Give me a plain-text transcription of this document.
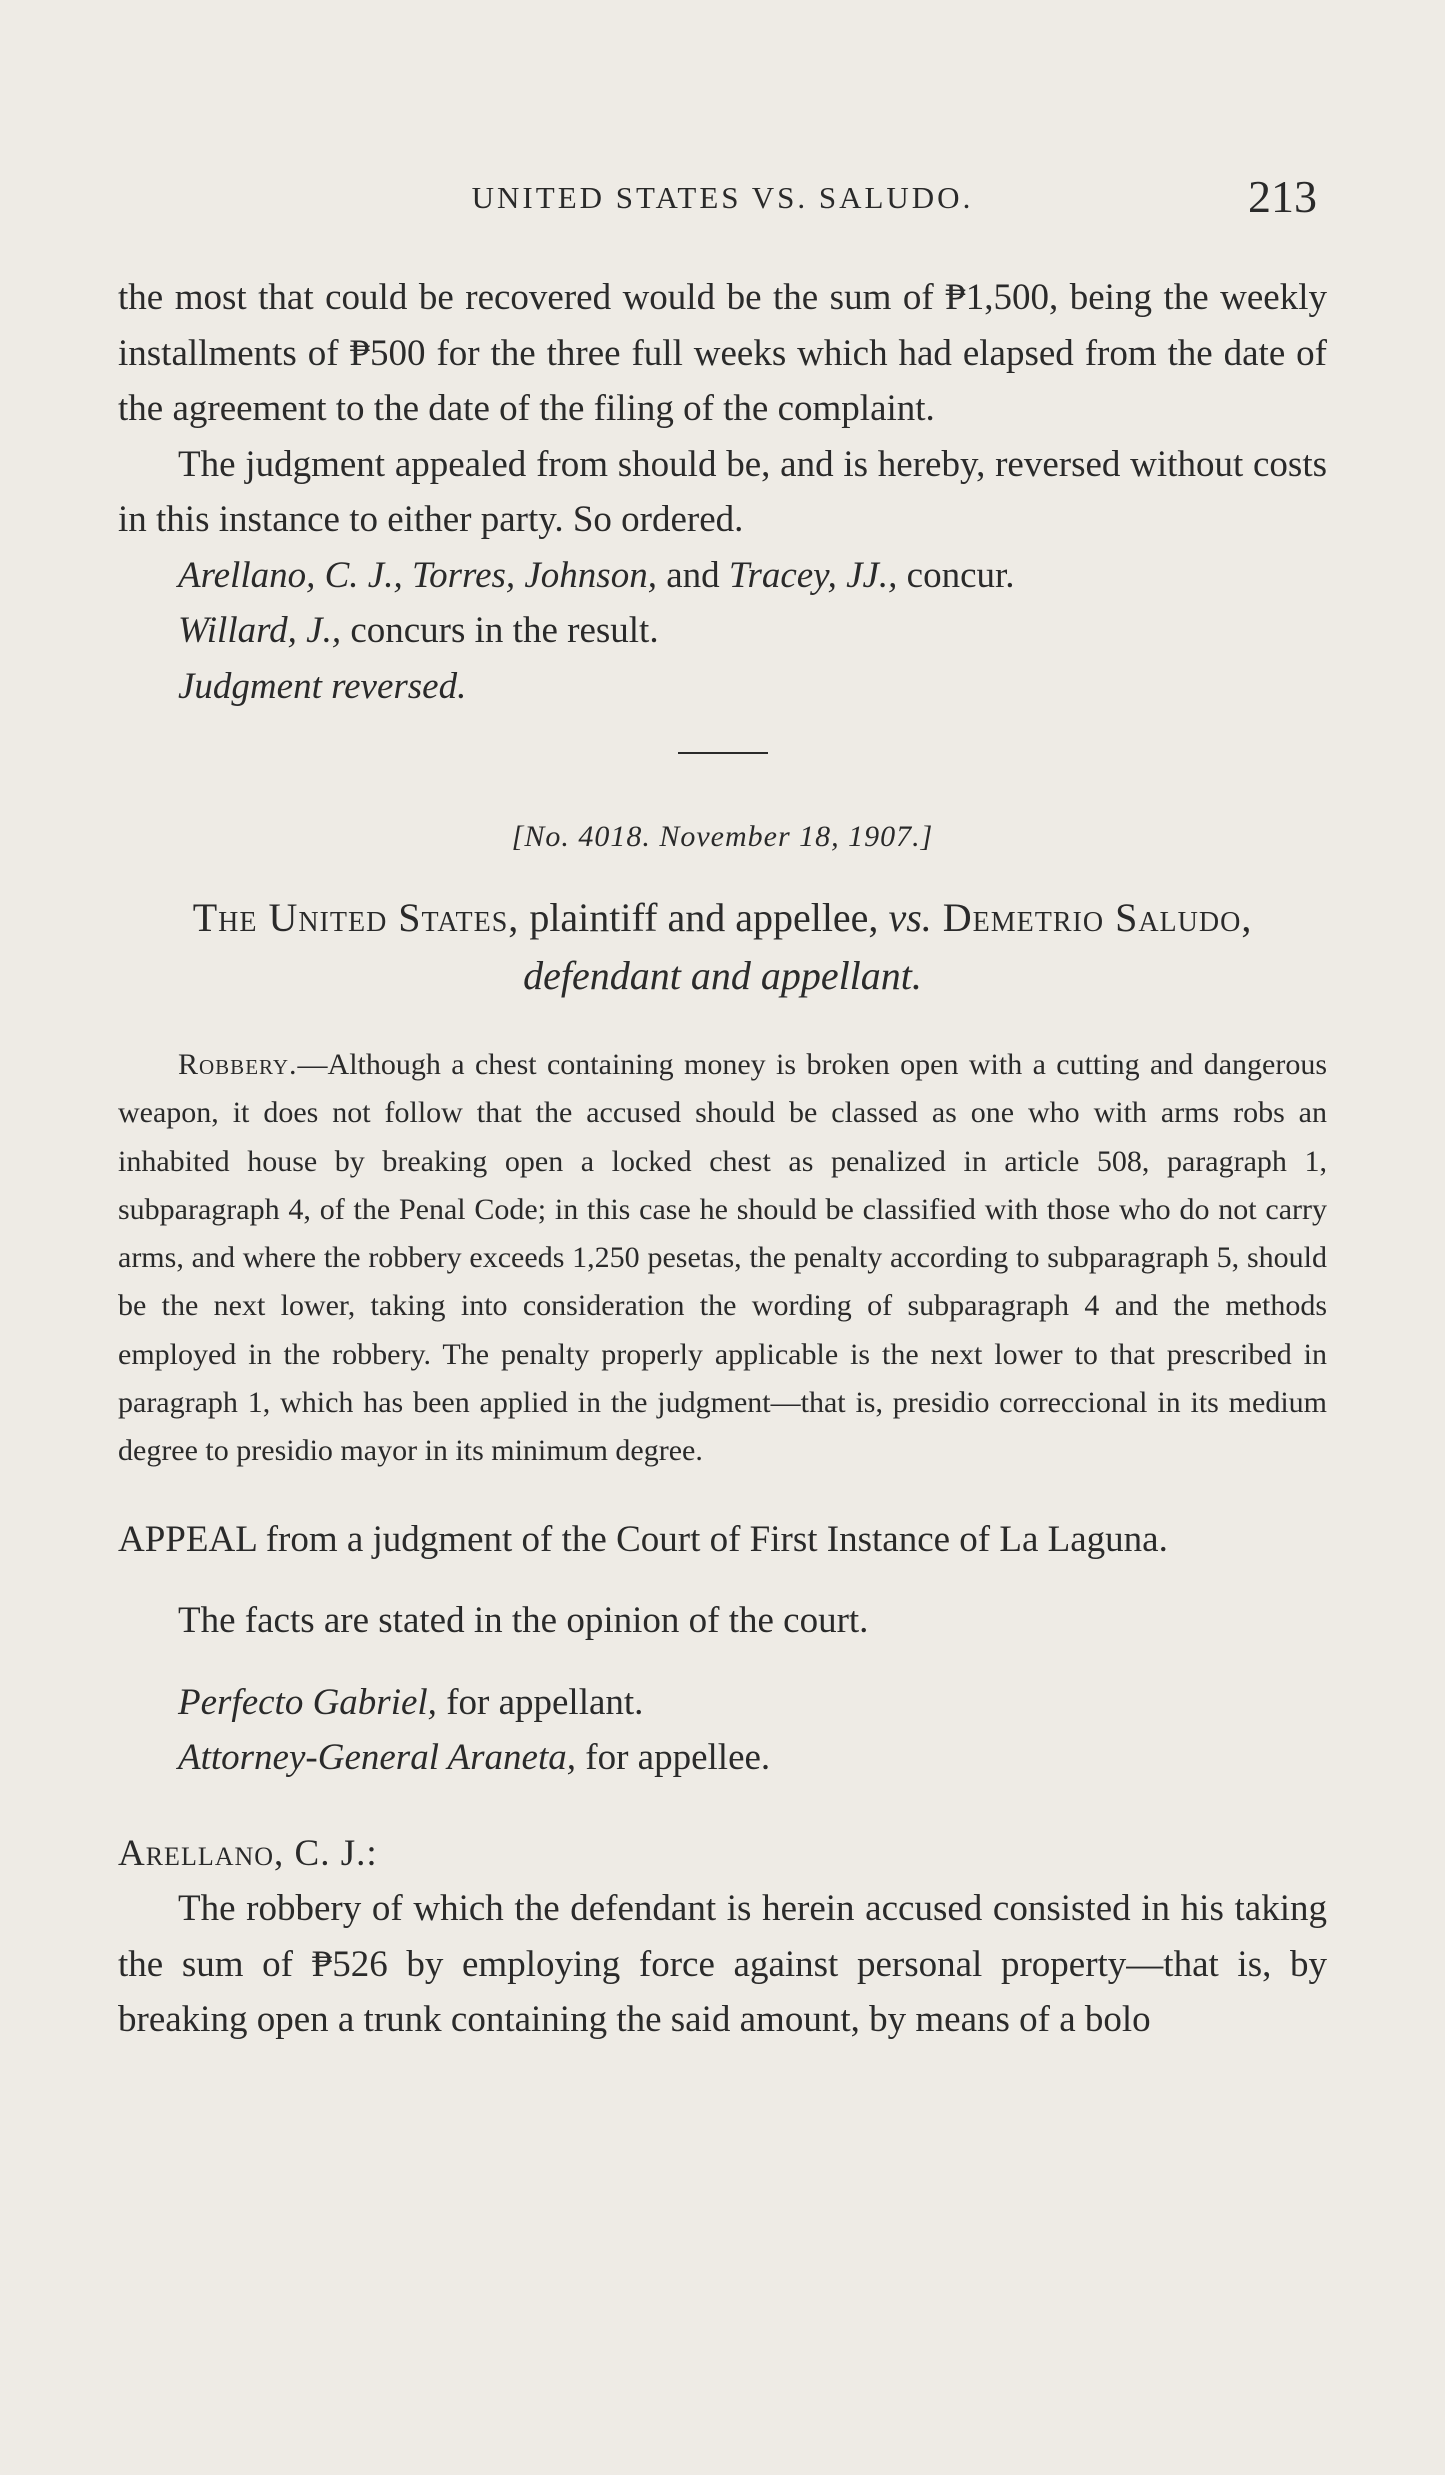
UNITED STATES VS. SALUDO.	213

the most that could be recovered would be the sum of ₱1,500, being the weekly installments of ₱500 for the three full weeks which had elapsed from the date of the agreement to the date of the filing of the complaint.

The judgment appealed from should be, and is hereby, reversed without costs in this instance to either party. So ordered.

Arellano, C. J., Torres, Johnson, and Tracey, JJ., concur.

Willard, J., concurs in the result.

Judgment reversed.

[No. 4018. November 18, 1907.]
The United States, plaintiff and appellee, vs. Demetrio Saludo, defendant and appellant.

Robbery.—Although a chest containing money is broken open with a cutting and dangerous weapon, it does not follow that the accused should be classed as one who with arms robs an inhabited house by breaking open a locked chest as penalized in article 508, paragraph 1, subparagraph 4, of the Penal Code; in this case he should be classified with those who do not carry arms, and where the robbery exceeds 1,250 pesetas, the penalty according to subparagraph 5, should be the next lower, taking into consideration the wording of subparagraph 4 and the methods employed in the robbery. The penalty properly applicable is the next lower to that prescribed in paragraph 1, which has been applied in the judgment—that is, presidio correccional in its medium degree to presidio mayor in its minimum degree.

APPEAL from a judgment of the Court of First Instance of La Laguna.

The facts are stated in the opinion of the court.

Perfecto Gabriel, for appellant.

Attorney-General Araneta, for appellee.

Arellano, C. J.:

The robbery of which the defendant is herein accused consisted in his taking the sum of ₱526 by employing force against personal property—that is, by breaking open a trunk containing the said amount, by means of a bolo
